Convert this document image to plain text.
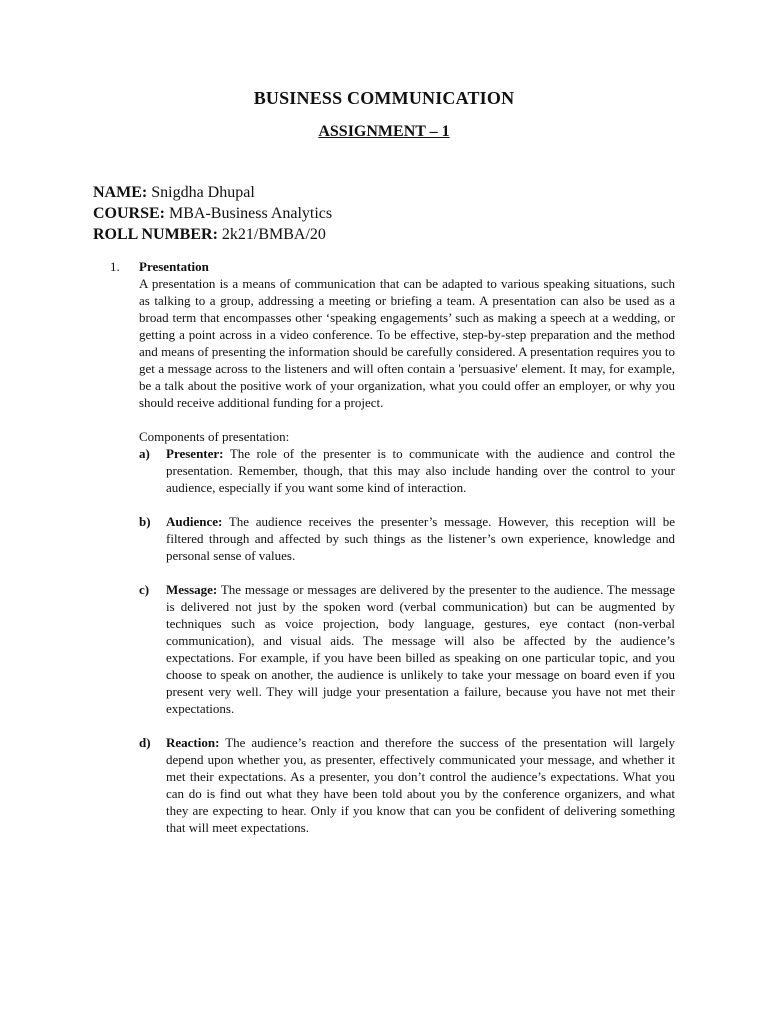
BUSINESS COMMUNICATION
ASSIGNMENT – 1
NAME: Snigdha Dhupal
COURSE: MBA-Business Analytics
ROLL NUMBER: 2k21/BMBA/20
1.	Presentation
A presentation is a means of communication that can be adapted to various speaking situations, such as talking to a group, addressing a meeting or briefing a team. A presentation can also be used as a broad term that encompasses other ‘speaking engagements’ such as making a speech at a wedding, or getting a point across in a video conference. To be effective, step-by-step preparation and the method and means of presenting the information should be carefully considered. A presentation requires you to get a message across to the listeners and will often contain a 'persuasive' element. It may, for example, be a talk about the positive work of your organization, what you could offer an employer, or why you should receive additional funding for a project.
Components of presentation:
a)	Presenter: The role of the presenter is to communicate with the audience and control the presentation. Remember, though, that this may also include handing over the control to your audience, especially if you want some kind of interaction.
b)	Audience: The audience receives the presenter’s message. However, this reception will be filtered through and affected by such things as the listener’s own experience, knowledge and personal sense of values.
c)	Message: The message or messages are delivered by the presenter to the audience. The message is delivered not just by the spoken word (verbal communication) but can be augmented by techniques such as voice projection, body language, gestures, eye contact (non-verbal communication), and visual aids. The message will also be affected by the audience’s expectations. For example, if you have been billed as speaking on one particular topic, and you choose to speak on another, the audience is unlikely to take your message on board even if you present very well. They will judge your presentation a failure, because you have not met their expectations.
d)	Reaction: The audience’s reaction and therefore the success of the presentation will largely depend upon whether you, as presenter, effectively communicated your message, and whether it met their expectations. As a presenter, you don’t control the audience’s expectations. What you can do is find out what they have been told about you by the conference organizers, and what they are expecting to hear. Only if you know that can you be confident of delivering something that will meet expectations.
